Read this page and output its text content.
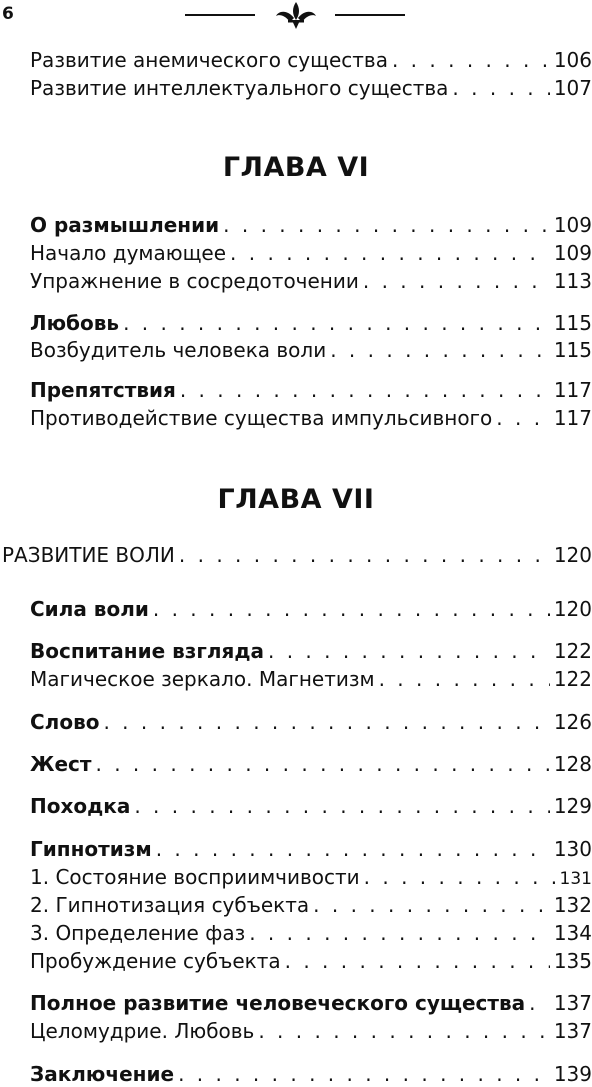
6
Развитие анемического существа . . .	106
Развитие интеллектуального существа . . .	107
ГЛАВА VI
О размышлении . . .	109
Начало думающее . . .	109
Упражнение в сосредоточении . . .	113
Любовь . . .	115
Возбудитель человека воли . . .	115
Препятствия . . .	117
Противодействие существа импульсивного . . .	117
ГЛАВА VII
РАЗВИТИЕ ВОЛИ . . .	120
Сила воли . . .	120
Воспитание взгляда . . .	122
Магическое зеркало. Магнетизм . . .	122
Слово . . .	126
Жест . . .	128
Походка . . .	129
Гипнотизм . . .	130
1. Состояние восприимчивости . . .	131
2. Гипнотизация субъекта . . .	132
3. Определение фаз . . .	134
Пробуждение субъекта . . .	135
Полное развитие человеческого существа . . . 137
Целомудрие. Любовь . . .	137
Заключение . . .	139
